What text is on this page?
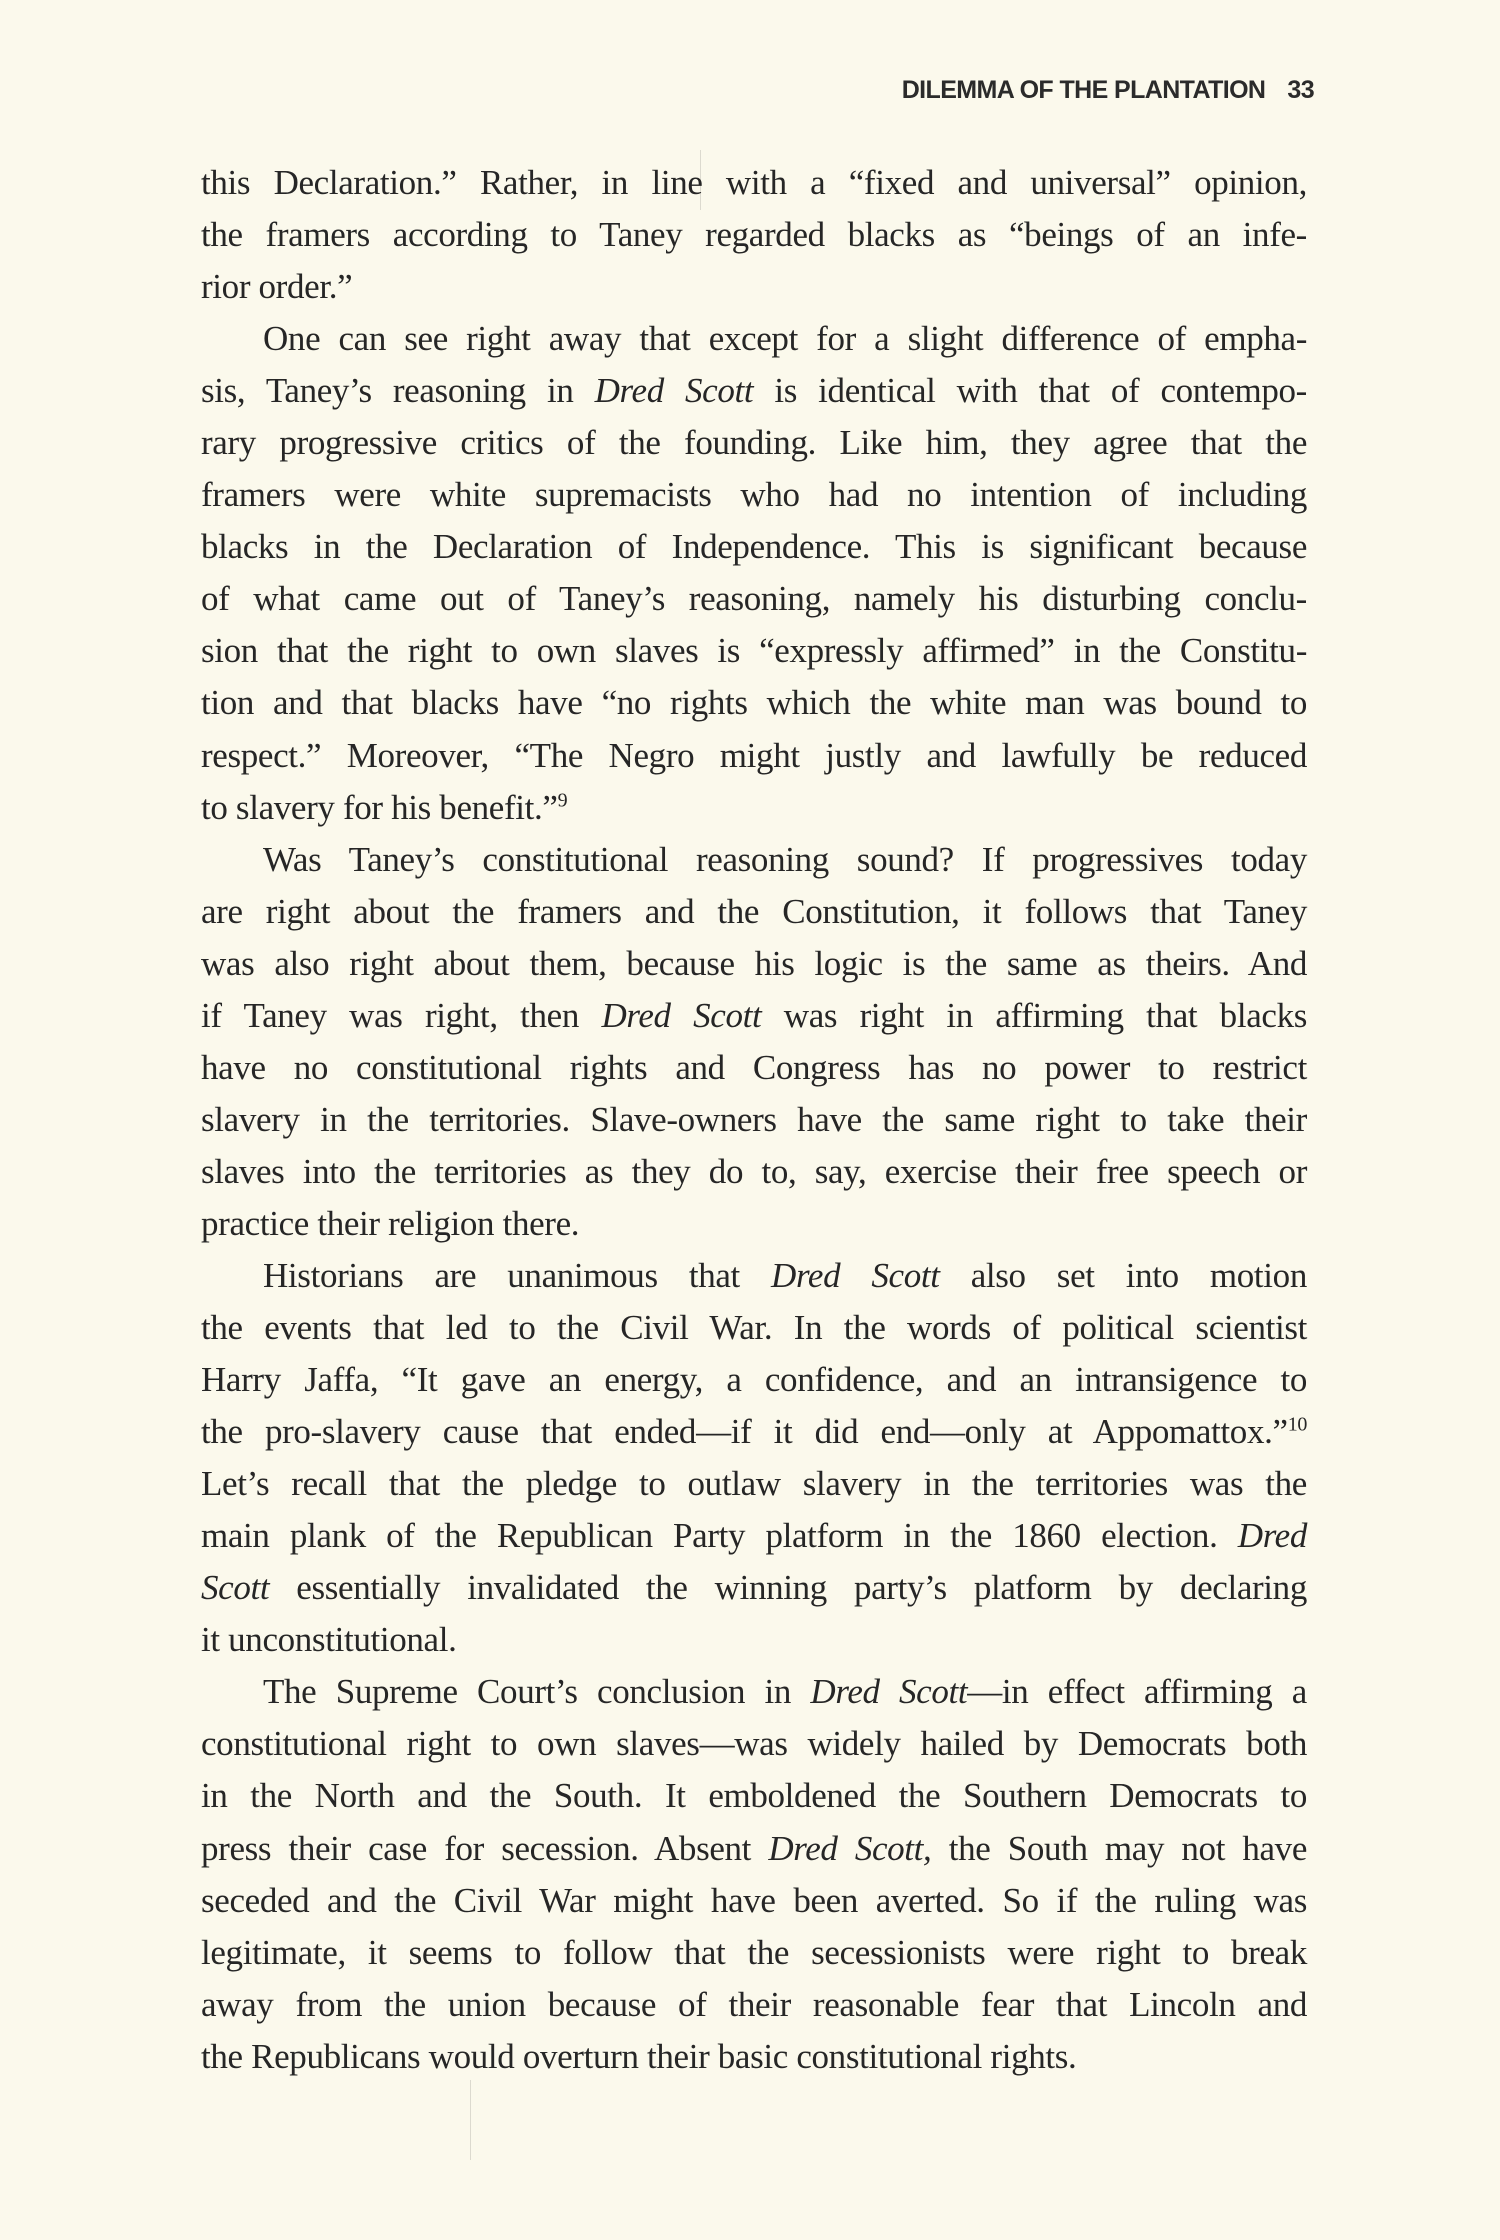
DILEMMA OF THE PLANTATION 33
this Declaration.” Rather, in line with a “fixed and universal” opinion,
the framers according to Taney regarded blacks as “beings of an infe-
rior order.”
One can see right away that except for a slight difference of empha-
sis, Taney’s reasoning in Dred Scott is identical with that of contempo-
rary progressive critics of the founding. Like him, they agree that the
framers were white supremacists who had no intention of including
blacks in the Declaration of Independence. This is significant because
of what came out of Taney’s reasoning, namely his disturbing conclu-
sion that the right to own slaves is “expressly affirmed” in the Constitu-
tion and that blacks have “no rights which the white man was bound to
respect.” Moreover, “The Negro might justly and lawfully be reduced
to slavery for his benefit.”$^9$
Was Taney’s constitutional reasoning sound? If progressives today
are right about the framers and the Constitution, it follows that Taney
was also right about them, because his logic is the same as theirs. And
if Taney was right, then Dred Scott was right in affirming that blacks
have no constitutional rights and Congress has no power to restrict
slavery in the territories. Slave-owners have the same right to take their
slaves into the territories as they do to, say, exercise their free speech or
practice their religion there.
Historians are unanimous that Dred Scott also set into motion
the events that led to the Civil War. In the words of political scientist
Harry Jaffa, “It gave an energy, a confidence, and an intransigence to
the pro-slavery cause that ended—if it did end—only at Appomattox.”$^{10}$
Let’s recall that the pledge to outlaw slavery in the territories was the
main plank of the Republican Party platform in the 1860 election. Dred
Scott essentially invalidated the winning party’s platform by declaring
it unconstitutional.
The Supreme Court’s conclusion in Dred Scott—in effect affirming a
constitutional right to own slaves—was widely hailed by Democrats both
in the North and the South. It emboldened the Southern Democrats to
press their case for secession. Absent Dred Scott, the South may not have
seceded and the Civil War might have been averted. So if the ruling was
legitimate, it seems to follow that the secessionists were right to break
away from the union because of their reasonable fear that Lincoln and
the Republicans would overturn their basic constitutional rights.
